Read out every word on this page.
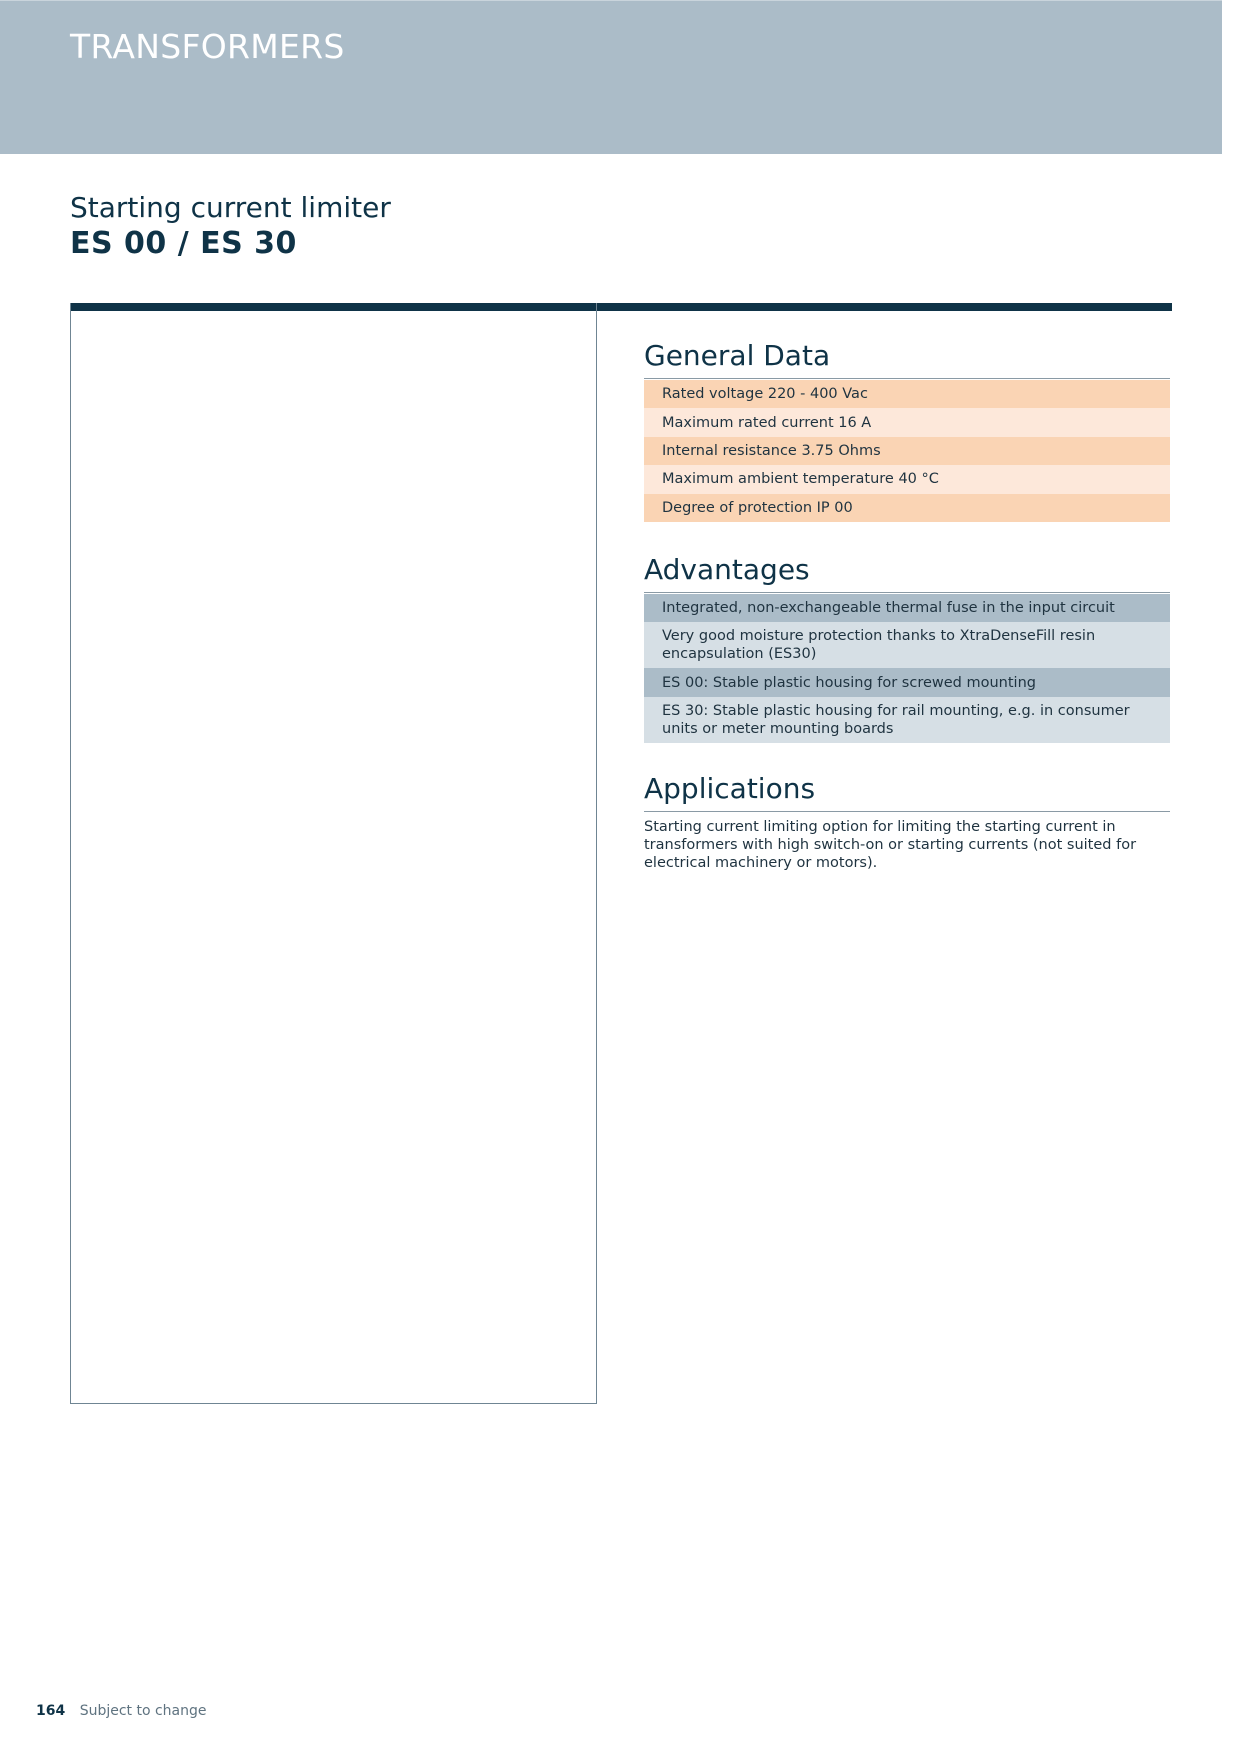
TRANSFORMERS
Starting current limiter
ES 00 / ES 30
General Data
Rated voltage 220 - 400 Vac
Maximum rated current 16 A
Internal resistance 3.75 Ohms
Maximum ambient temperature 40 °C
Degree of protection IP 00
Advantages
Integrated, non-exchangeable thermal fuse in the input circuit
Very good moisture protection thanks to XtraDenseFill resin encapsulation (ES30)
ES 00: Stable plastic housing for screwed mounting
ES 30: Stable plastic housing for rail mounting, e.g. in consumer units or meter mounting boards
Applications
Starting current limiting option for limiting the starting current in transformers with high switch-on or starting currents (not suited for electrical machinery or motors).
164 Subject to change
